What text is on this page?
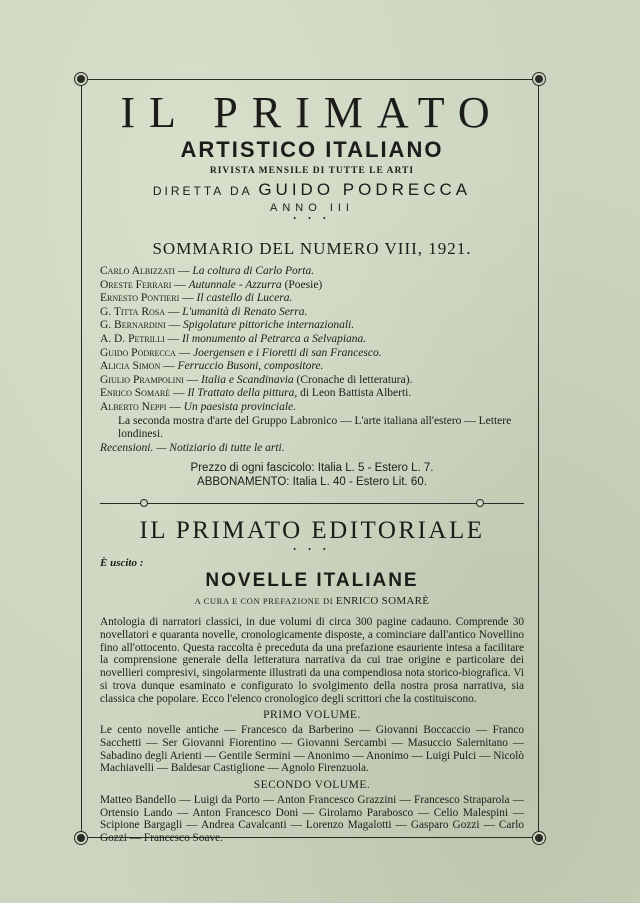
IL PRIMATO
ARTISTICO ITALIANO
RIVISTA MENSILE DI TUTTE LE ARTI
DIRETTA DA GUIDO PODRECCA
ANNO III
• • •
SOMMARIO DEL NUMERO VIII, 1921.
Carlo Albizzati — La coltura di Carlo Porta.
Oreste Ferrari — Autunnale - Azzurra (Poesie)
Ernesto Pontieri — Il castello di Lucera.
G. Titta Rosa — L'umanità di Renato Serra.
G. Bernardini — Spigolature pittoriche internazionali.
A. D. Petrilli — Il monumento al Petrarca a Selvapiana.
Guido Podrecca — Joergensen e i Fioretti di san Francesco.
Alicia Simon — Ferruccio Busoni, compositore.
Giulio Prampolini — Italia e Scandinavia (Cronache di letteratura).
Enrico Somarè — Il Trattato della pittura, di Leon Battista Alberti.
Alberto Neppi — Un paesista provinciale.
La seconda mostra d'arte del Gruppo Labronico — L'arte italiana all'estero — Lettere londinesi.
Recensioni. — Notiziario di tutte le arti.
Prezzo di ogni fascicolo: Italia L. 5 - Estero L. 7.
ABBONAMENTO: Italia L. 40 - Estero Lit. 60.
IL PRIMATO EDITORIALE
• • •
È uscito :
NOVELLE ITALIANE
A CURA E CON PREFAZIONE DI ENRICO SOMARÈ
Antologia di narratori classici, in due volumi di circa 300 pagine cadauno. Comprende 30 novellatori e quaranta novelle, cronologicamente disposte, a cominciare dall'antico Novellino fino all'ottocento. Questa raccolta è preceduta da una prefazione esauriente intesa a facilitare la comprensione generale della letteratura narrativa da cui trae origine e particolare dei novellieri compresivi, singolarmente illustrati da una compendiosa nota storico-biografica. Vi si trova dunque esaminato e configurato lo svolgimento della nostra prosa narrativa, sia classica che popolare. Ecco l'elenco cronologico degli scrittori che la costituiscono.
PRIMO VOLUME.
Le cento novelle antiche — Francesco da Barberino — Giovanni Boccaccio — Franco Sacchetti — Ser Giovanni Fiorentino — Giovanni Sercambi — Masuccio Salernitano — Sabadino degli Arienti — Gentile Sermini — Anonimo — Anonimo — Luigi Pulci — Nicolò Machiavelli — Baldesar Castiglione — Agnolo Firenzuola.
SECONDO VOLUME.
Matteo Bandello — Luigi da Porto — Anton Francesco Grazzini — Francesco Straparola — Ortensio Lando — Anton Francesco Doni — Girolamo Parabosco — Celio Malespini — Scipione Bargagli — Andrea Cavalcanti — Lorenzo Magalotti — Gasparo Gozzi — Carlo Gozzi — Francesco Soave.
